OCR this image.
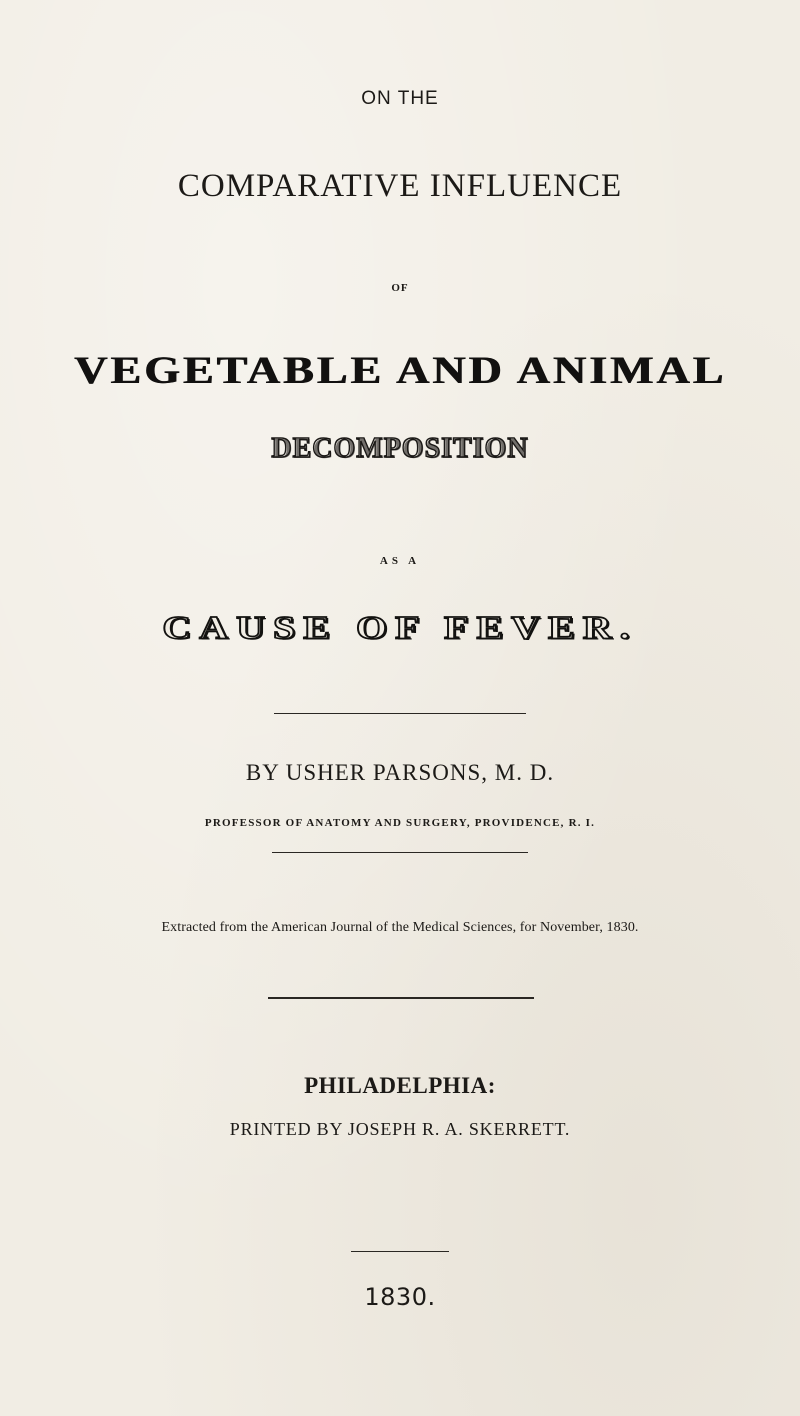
ON THE
COMPARATIVE INFLUENCE
OF
VEGETABLE AND ANIMAL
DECOMPOSITION
AS A
CAUSE OF FEVER.
BY USHER PARSONS, M. D.
PROFESSOR OF ANATOMY AND SURGERY, PROVIDENCE, R. I.
Extracted from the American Journal of the Medical Sciences, for November, 1830.
PHILADELPHIA:
PRINTED BY JOSEPH R. A. SKERRETT.
1830.
